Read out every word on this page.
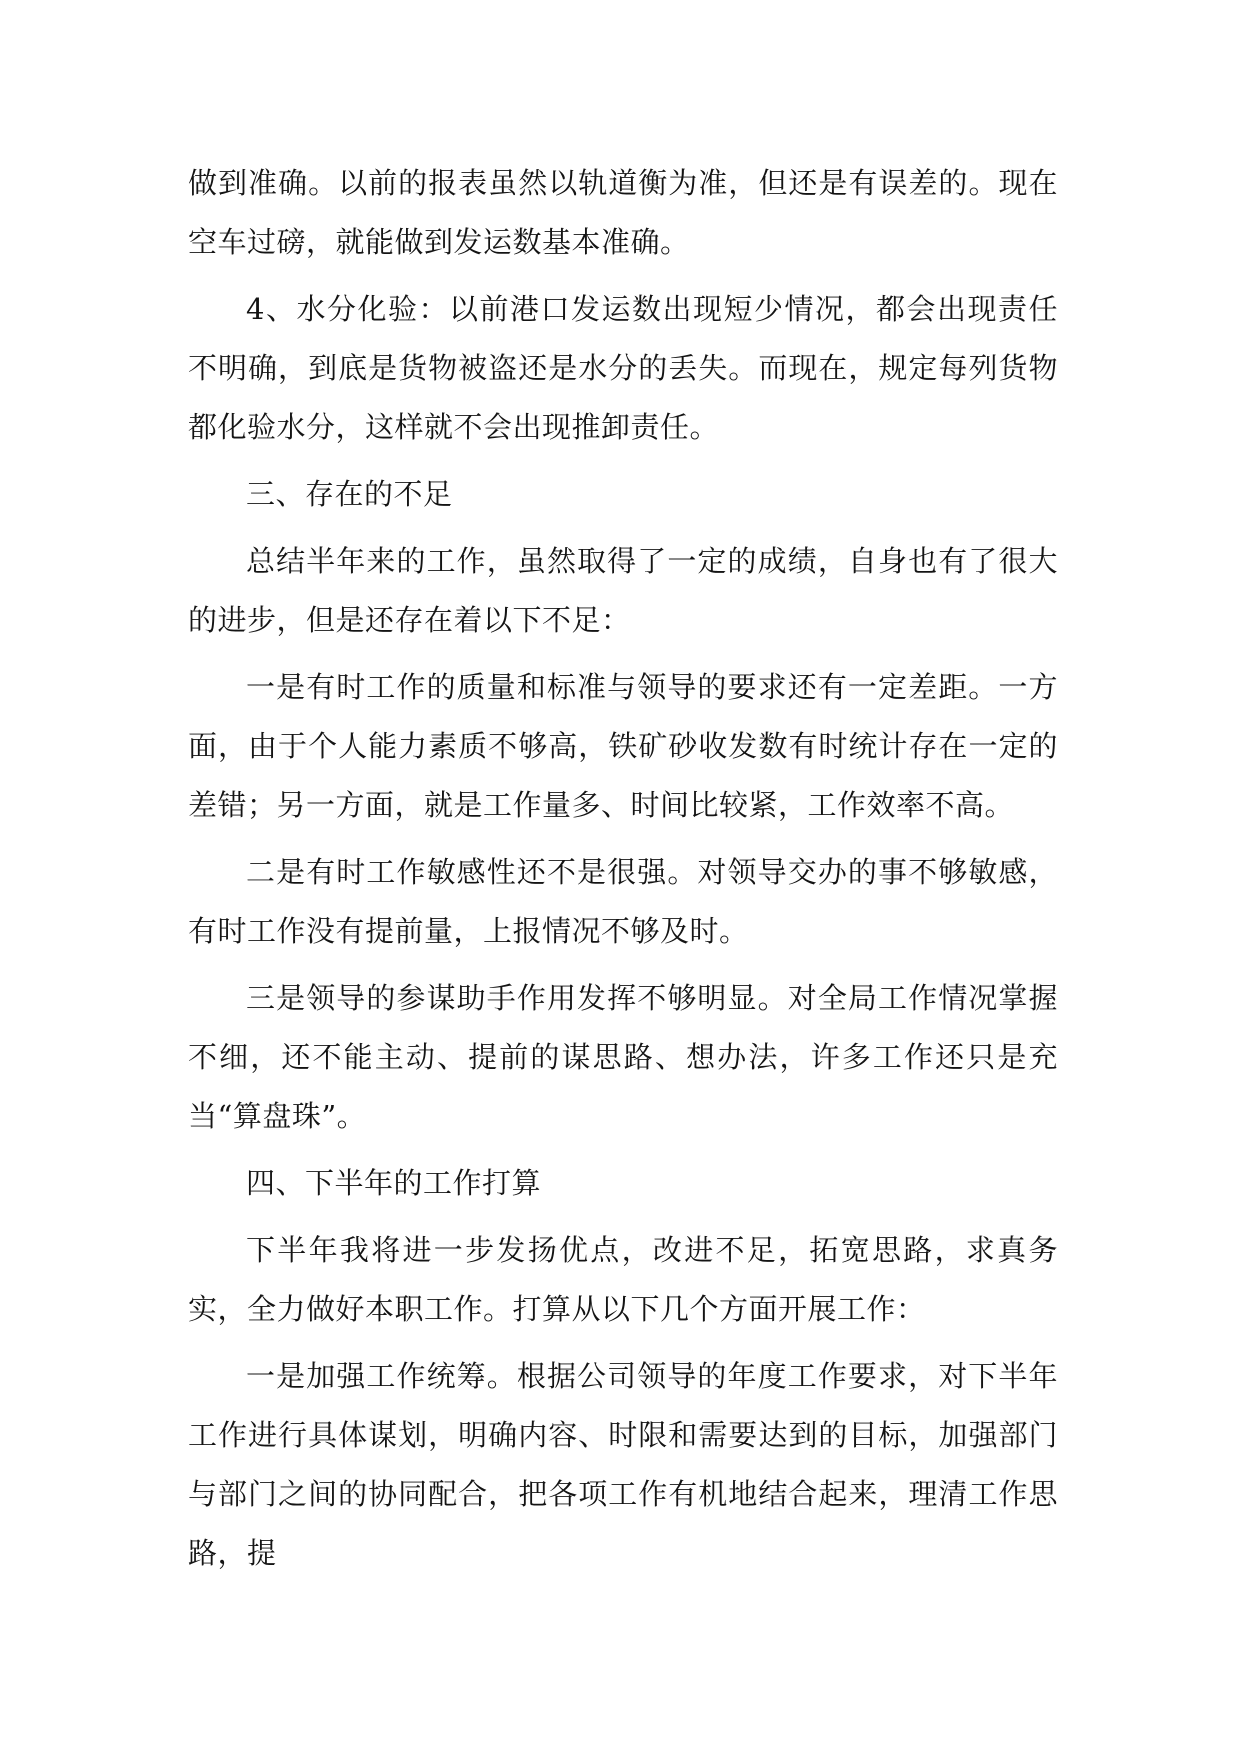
做到准确。以前的报表虽然以轨道衡为准，但还是有误差的。现在空车过磅，就能做到发运数基本准确。

4、水分化验：以前港口发运数出现短少情况，都会出现责任不明确，到底是货物被盗还是水分的丢失。而现在，规定每列货物都化验水分，这样就不会出现推卸责任。

三、存在的不足

总结半年来的工作，虽然取得了一定的成绩，自身也有了很大的进步，但是还存在着以下不足：

一是有时工作的质量和标准与领导的要求还有一定差距。一方面，由于个人能力素质不够高，铁矿砂收发数有时统计存在一定的差错；另一方面，就是工作量多、时间比较紧，工作效率不高。

二是有时工作敏感性还不是很强。对领导交办的事不够敏感，有时工作没有提前量，上报情况不够及时。

三是领导的参谋助手作用发挥不够明显。对全局工作情况掌握不细，还不能主动、提前的谋思路、想办法，许多工作还只是充当“算盘珠”。

四、下半年的工作打算

下半年我将进一步发扬优点，改进不足，拓宽思路，求真务实，全力做好本职工作。打算从以下几个方面开展工作：

一是加强工作统筹。根据公司领导的年度工作要求，对下半年工作进行具体谋划，明确内容、时限和需要达到的目标，加强部门与部门之间的协同配合，把各项工作有机地结合起来，理清工作思路，提
